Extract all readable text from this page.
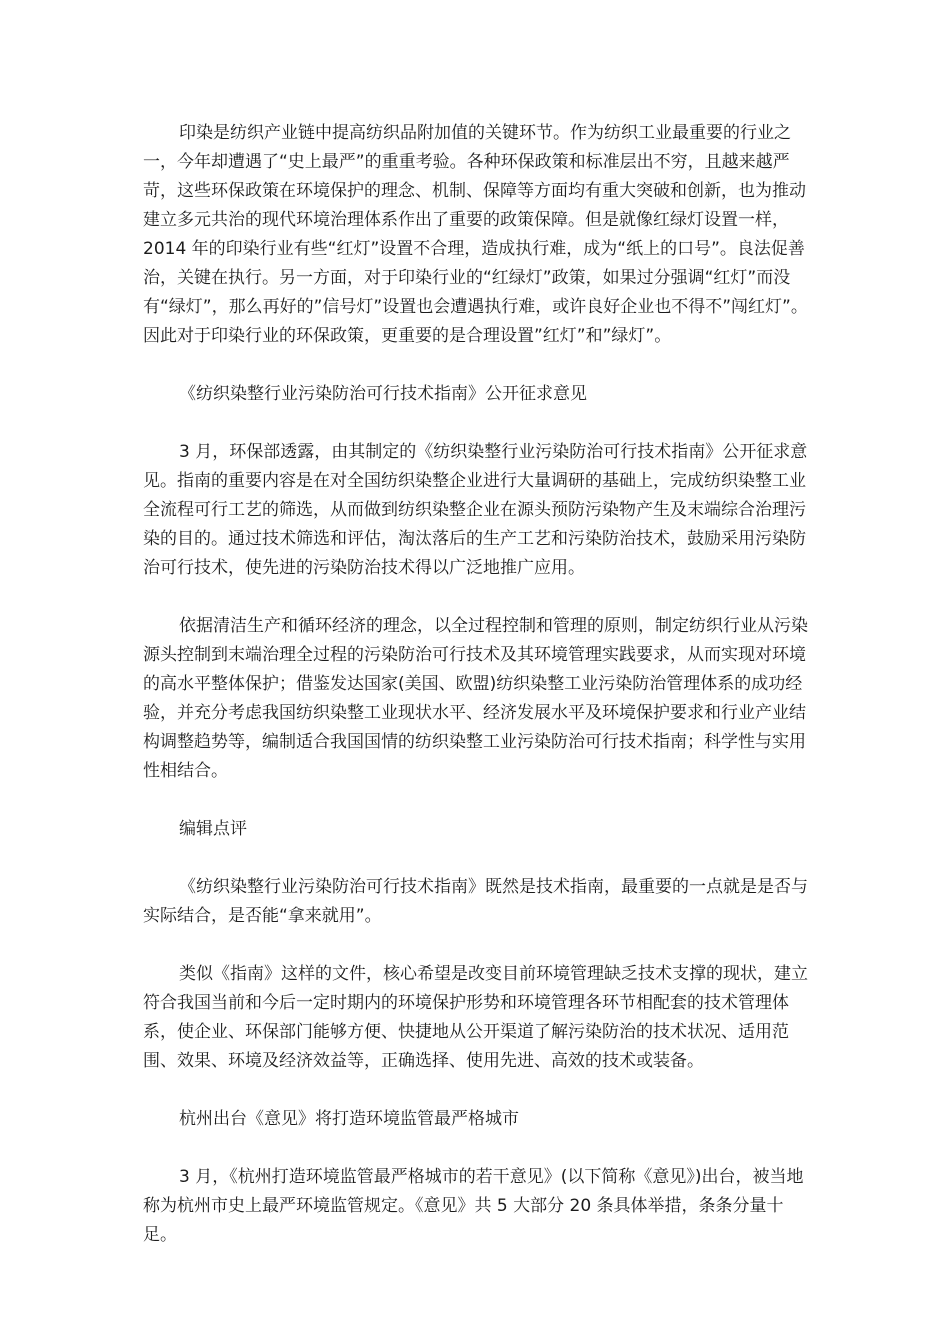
印染是纺织产业链中提高纺织品附加值的关键环节。作为纺织工业最重要的行业之一，今年却遭遇了“史上最严”的重重考验。各种环保政策和标准层出不穷，且越来越严苛，这些环保政策在环境保护的理念、机制、保障等方面均有重大突破和创新，也为推动建立多元共治的现代环境治理体系作出了重要的政策保障。但是就像红绿灯设置一样，2014 年的印染行业有些“红灯”设置不合理，造成执行难，成为“纸上的口号”。良法促善治，关键在执行。另一方面，对于印染行业的“红绿灯”政策，如果过分强调“红灯”而没有“绿灯”，那么再好的”信号灯”设置也会遭遇执行难，或许良好企业也不得不”闯红灯”。因此对于印染行业的环保政策，更重要的是合理设置”红灯”和”绿灯”。

《纺织染整行业污染防治可行技术指南》公开征求意见

3 月，环保部透露，由其制定的《纺织染整行业污染防治可行技术指南》公开征求意见。指南的重要内容是在对全国纺织染整企业进行大量调研的基础上，完成纺织染整工业全流程可行工艺的筛选，从而做到纺织染整企业在源头预防污染物产生及末端综合治理污染的目的。通过技术筛选和评估，淘汰落后的生产工艺和污染防治技术，鼓励采用污染防治可行技术，使先进的污染防治技术得以广泛地推广应用。

依据清洁生产和循环经济的理念，以全过程控制和管理的原则，制定纺织行业从污染源头控制到末端治理全过程的污染防治可行技术及其环境管理实践要求，从而实现对环境的高水平整体保护；借鉴发达国家(美国、欧盟)纺织染整工业污染防治管理体系的成功经验，并充分考虑我国纺织染整工业现状水平、经济发展水平及环境保护要求和行业产业结构调整趋势等，编制适合我国国情的纺织染整工业污染防治可行技术指南；科学性与实用性相结合。

编辑点评

《纺织染整行业污染防治可行技术指南》既然是技术指南，最重要的一点就是是否与实际结合，是否能“拿来就用”。

类似《指南》这样的文件，核心希望是改变目前环境管理缺乏技术支撑的现状，建立符合我国当前和今后一定时期内的环境保护形势和环境管理各环节相配套的技术管理体系，使企业、环保部门能够方便、快捷地从公开渠道了解污染防治的技术状况、适用范围、效果、环境及经济效益等，正确选择、使用先进、高效的技术或装备。

杭州出台《意见》将打造环境监管最严格城市

3 月，《杭州打造环境监管最严格城市的若干意见》(以下简称《意见》)出台，被当地称为杭州市史上最严环境监管规定。《意见》共 5 大部分 20 条具体举措，条条分量十足。
